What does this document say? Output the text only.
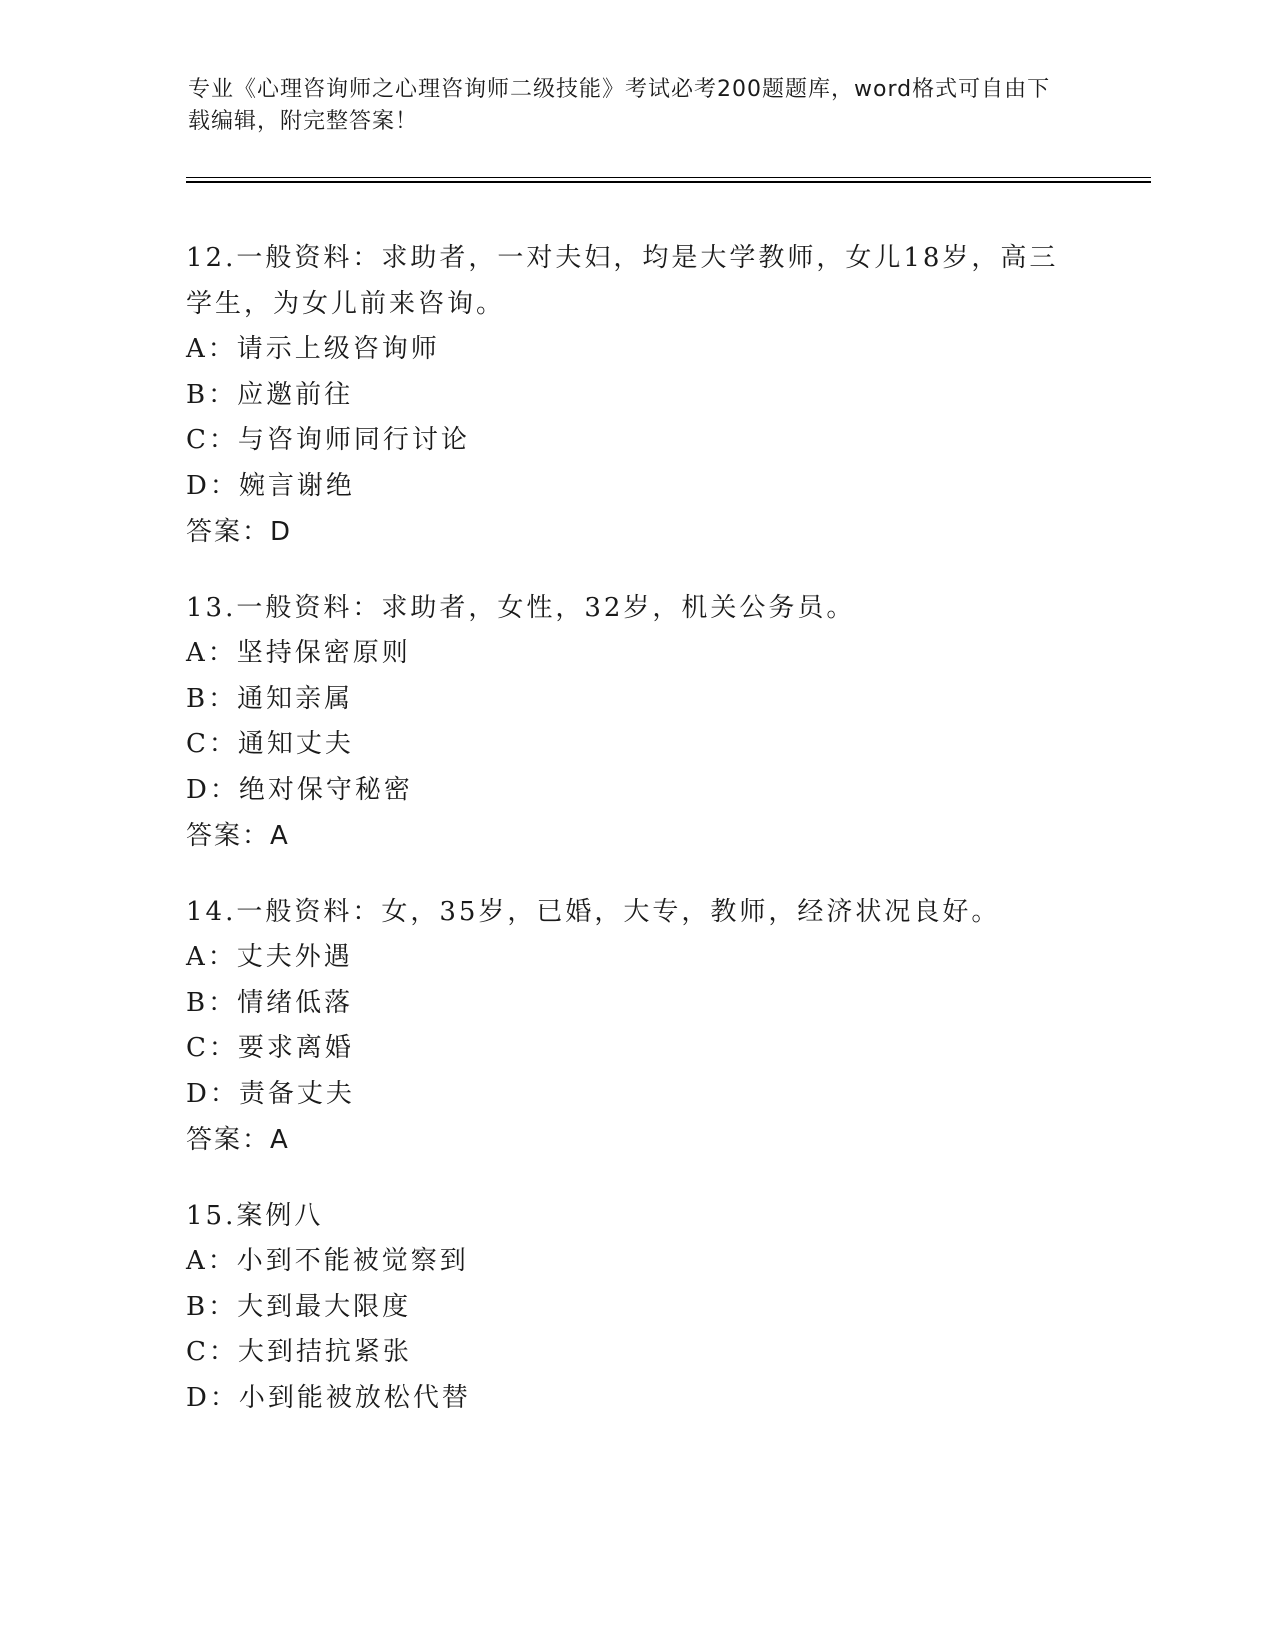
专业《心理咨询师之心理咨询师二级技能》考试必考200题题库，word格式可自由下载编辑，附完整答案！
12.一般资料：求助者，一对夫妇，均是大学教师，女儿18岁，高三学生，为女儿前来咨询。
A：请示上级咨询师
B：应邀前往
C：与咨询师同行讨论
D：婉言谢绝
答案：D
13.一般资料：求助者，女性，32岁，机关公务员。
A：坚持保密原则
B：通知亲属
C：通知丈夫
D：绝对保守秘密
答案：A
14.一般资料：女，35岁，已婚，大专，教师，经济状况良好。
A：丈夫外遇
B：情绪低落
C：要求离婚
D：责备丈夫
答案：A
15.案例八
A：小到不能被觉察到
B：大到最大限度
C：大到拮抗紧张
D：小到能被放松代替
